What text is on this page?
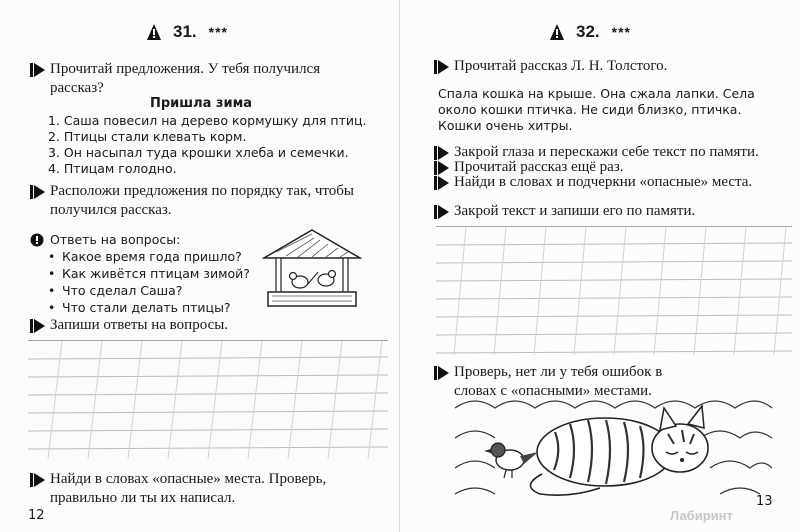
31. ***
Прочитай предложения. У тебя получился рассказ?
Пришла зима
1. Саша повесил на дерево кормушку для птиц.
2. Птицы стали клевать корм.
3. Он насыпал туда крошки хлеба и семечки.
4. Птицам голодно.
Расположи предложения по порядку так, чтобы получился рассказ.
Ответь на вопросы:
• Какое время года пришло?
• Как живётся птицам зимой?
• Что сделал Саша?
• Что стали делать птицы?
Запиши ответы на вопросы.
Найди в словах «опасные» места. Проверь, правильно ли ты их написал.
12
32. ***
Прочитай рассказ Л. Н. Толстого.
Спала кошка на крыше. Она сжала лапки. Села около кошки птичка. Не сиди близко, птичка. Кошки очень хитры.
Закрой глаза и перескажи себе текст по памяти.
Прочитай рассказ ещё раз.
Найди в словах и подчеркни «опасные» места.
Закрой текст и запиши его по памяти.
Проверь, нет ли у тебя ошибок в словах с «опасными» местами.
Лабиринт
13
